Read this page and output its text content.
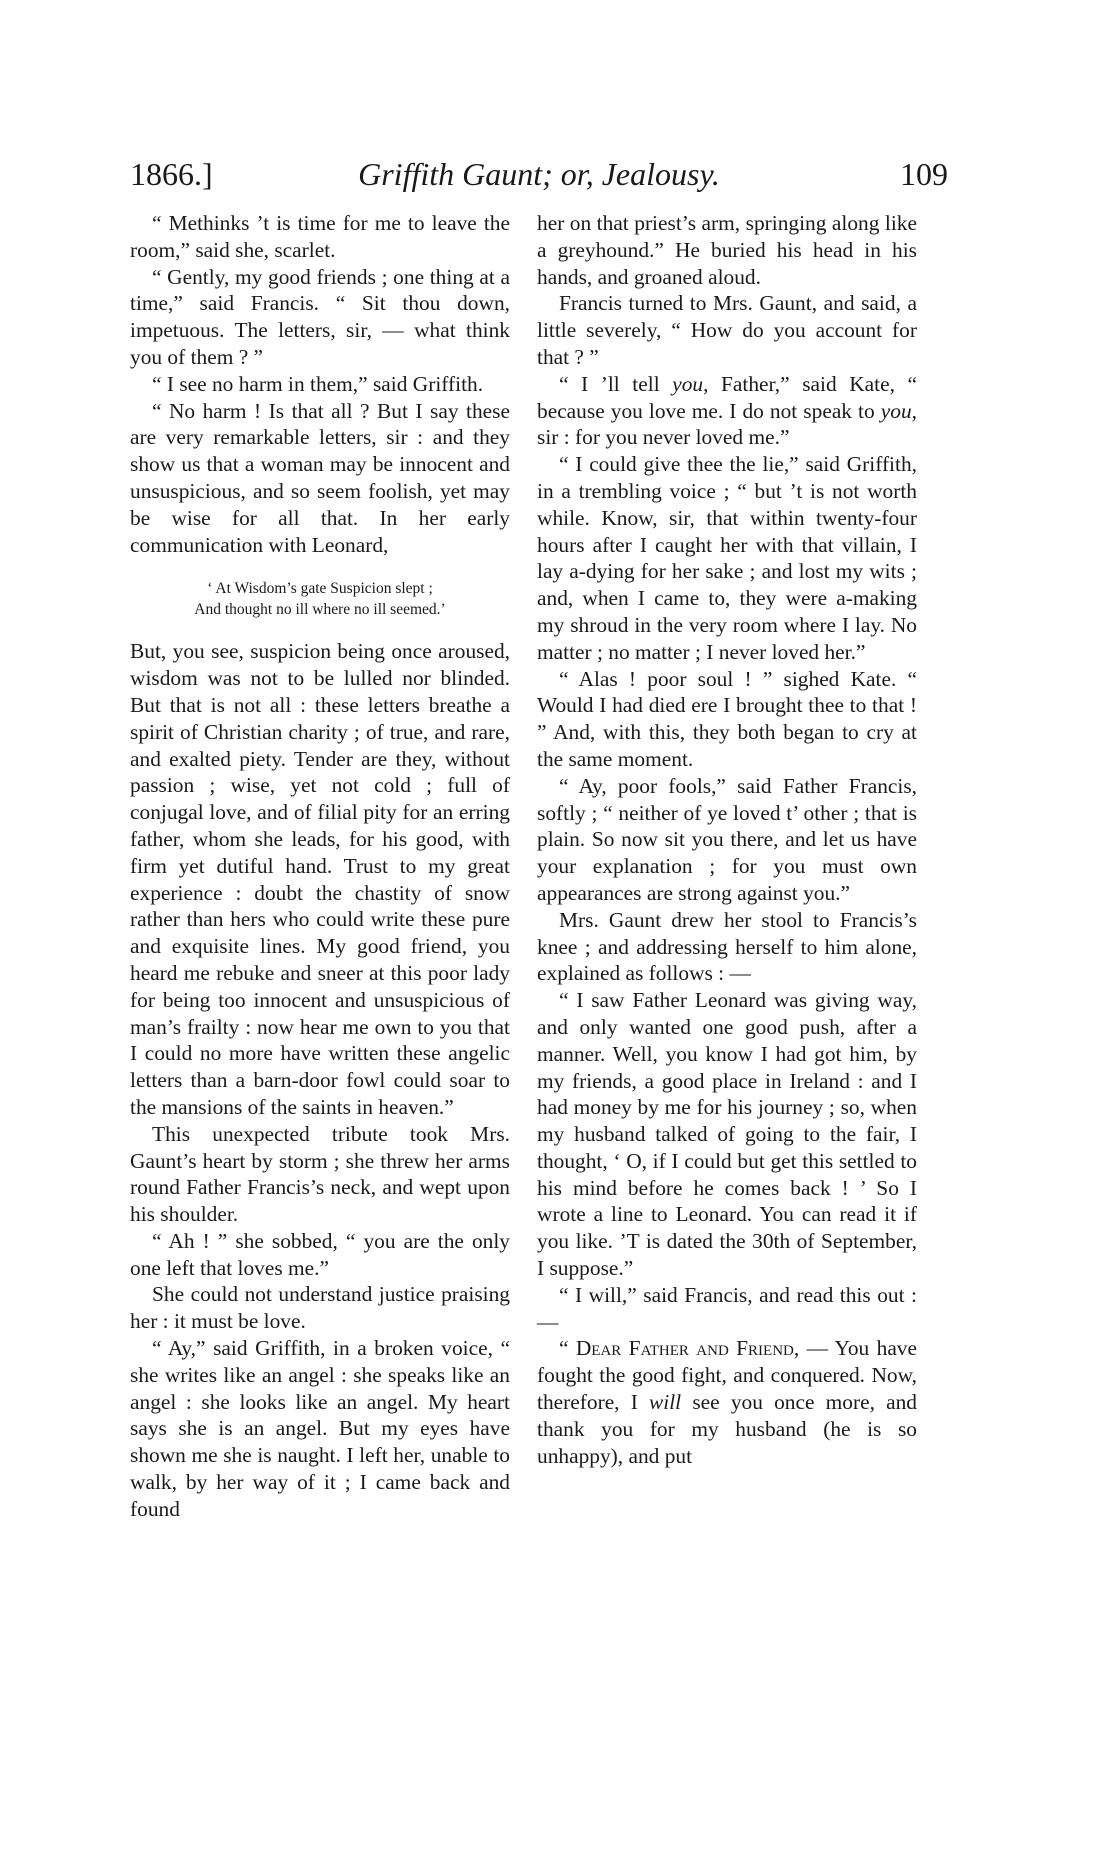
1866.]	Griffith Gaunt; or, Jealousy.	109

“ Methinks ’t is time for me to leave the room,” said she, scarlet.

“ Gently, my good friends ; one thing at a time,” said Francis. “ Sit thou down, impetuous. The letters, sir, — what think you of them ? ”

“ I see no harm in them,” said Griffith.

“ No harm ! Is that all ? But I say these are very remarkable letters, sir : and they show us that a woman may be innocent and unsuspicious, and so seem foolish, yet may be wise for all that. In her early communication with Leonard,

‘ At Wisdom’s gate Suspicion slept ;
And thought no ill where no ill seemed.’

But, you see, suspicion being once aroused, wisdom was not to be lulled nor blinded. But that is not all : these letters breathe a spirit of Christian charity ; of true, and rare, and exalted piety. Tender are they, without passion ; wise, yet not cold ; full of conjugal love, and of filial pity for an erring father, whom she leads, for his good, with firm yet dutiful hand. Trust to my great experience : doubt the chastity of snow rather than hers who could write these pure and exquisite lines. My good friend, you heard me rebuke and sneer at this poor lady for being too innocent and unsuspicious of man’s frailty : now hear me own to you that I could no more have written these angelic letters than a barn-door fowl could soar to the mansions of the saints in heaven.”

This unexpected tribute took Mrs. Gaunt’s heart by storm ; she threw her arms round Father Francis’s neck, and wept upon his shoulder.

“ Ah ! ” she sobbed, “ you are the only one left that loves me.”

She could not understand justice praising her : it must be love.

“ Ay,” said Griffith, in a broken voice, “ she writes like an angel : she speaks like an angel : she looks like an angel. My heart says she is an angel. But my eyes have shown me she is naught. I left her, unable to walk, by her way of it ; I came back and found

her on that priest’s arm, springing along like a greyhound.” He buried his head in his hands, and groaned aloud.

Francis turned to Mrs. Gaunt, and said, a little severely, “ How do you account for that ? ”

“ I ’ll tell you, Father,” said Kate, “ because you love me. I do not speak to you, sir : for you never loved me.”

“ I could give thee the lie,” said Griffith, in a trembling voice ; “ but ’t is not worth while. Know, sir, that within twenty-four hours after I caught her with that villain, I lay a-dying for her sake ; and lost my wits ; and, when I came to, they were a-making my shroud in the very room where I lay. No matter ; no matter ; I never loved her.”

“ Alas ! poor soul ! ” sighed Kate. “ Would I had died ere I brought thee to that ! ” And, with this, they both began to cry at the same moment.

“ Ay, poor fools,” said Father Francis, softly ; “ neither of ye loved t’ other ; that is plain. So now sit you there, and let us have your explanation ; for you must own appearances are strong against you.”

Mrs. Gaunt drew her stool to Francis’s knee ; and addressing herself to him alone, explained as follows : —

“ I saw Father Leonard was giving way, and only wanted one good push, after a manner. Well, you know I had got him, by my friends, a good place in Ireland : and I had money by me for his journey ; so, when my husband talked of going to the fair, I thought, ‘ O, if I could but get this settled to his mind before he comes back ! ’ So I wrote a line to Leonard. You can read it if you like. ’T is dated the 30th of September, I suppose.”

“ I will,” said Francis, and read this out : —

“ Dear Father and Friend, — You have fought the good fight, and conquered. Now, therefore, I will see you once more, and thank you for my husband (he is so unhappy), and put
